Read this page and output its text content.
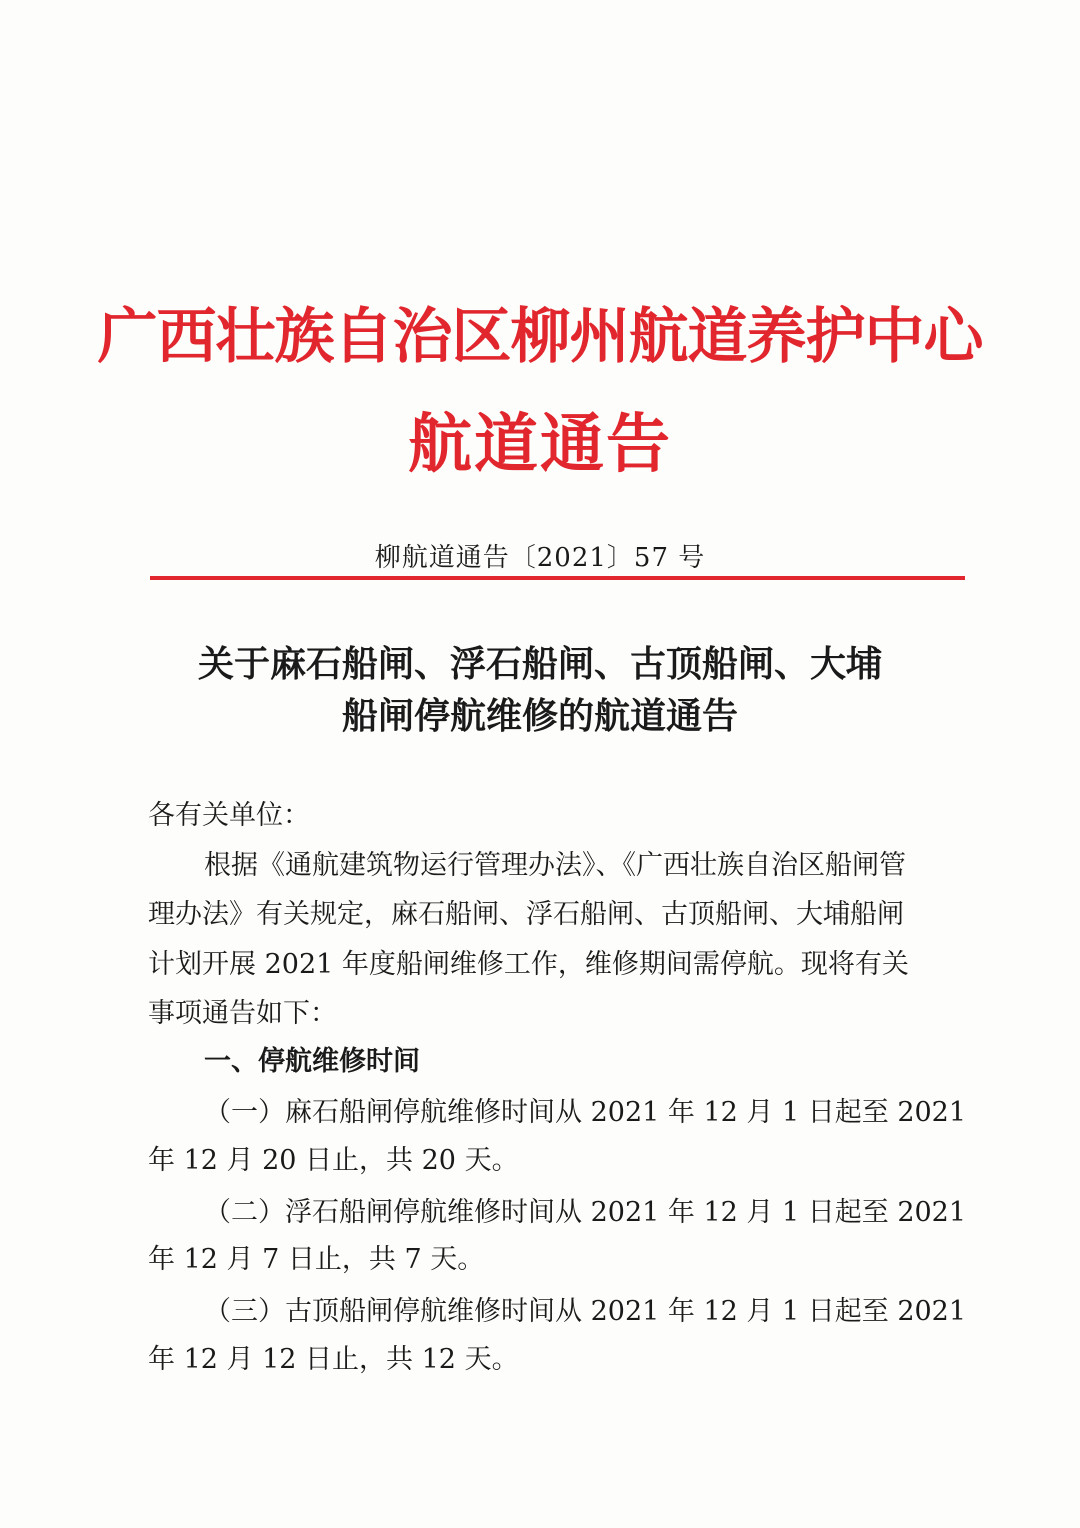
广西壮族自治区柳州航道养护中心
航道通告
柳航道通告〔2021〕57 号
关于麻石船闸、浮石船闸、古顶船闸、大埔
船闸停航维修的航道通告
各有关单位：
根据《通航建筑物运行管理办法》、《广西壮族自治区船闸管
理办法》有关规定，麻石船闸、浮石船闸、古顶船闸、大埔船闸
计划开展 2021 年度船闸维修工作，维修期间需停航。现将有关
事项通告如下：
一、停航维修时间
（一）麻石船闸停航维修时间从 2021 年 12 月 1 日起至 2021
年 12 月 20 日止，共 20 天。
（二）浮石船闸停航维修时间从 2021 年 12 月 1 日起至 2021
年 12 月 7 日止，共 7 天。
（三）古顶船闸停航维修时间从 2021 年 12 月 1 日起至 2021
年 12 月 12 日止，共 12 天。
